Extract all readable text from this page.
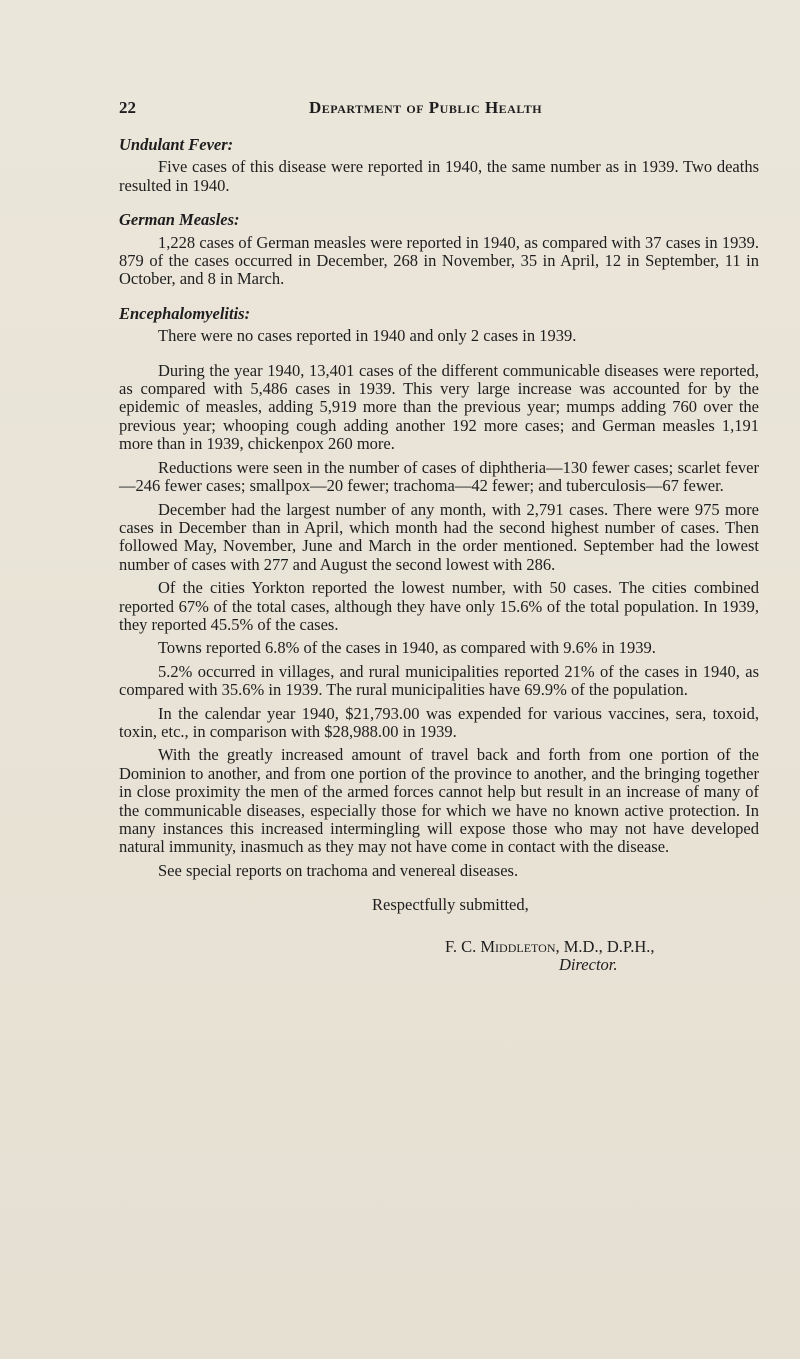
22	Department of Public Health
Undulant Fever:

Five cases of this disease were reported in 1940, the same number as in 1939. Two deaths resulted in 1940.

German Measles:

1,228 cases of German measles were reported in 1940, as compared with 37 cases in 1939. 879 of the cases occurred in December, 268 in November, 35 in April, 12 in September, 11 in October, and 8 in March.

Encephalomyelitis:

There were no cases reported in 1940 and only 2 cases in 1939.

During the year 1940, 13,401 cases of the different communicable diseases were reported, as compared with 5,486 cases in 1939. This very large increase was accounted for by the epidemic of measles, adding 5,919 more than the previous year; mumps adding 760 over the previous year; whooping cough adding another 192 more cases; and German measles 1,191 more than in 1939, chickenpox 260 more.

Reductions were seen in the number of cases of diphtheria—130 fewer cases; scarlet fever—246 fewer cases; smallpox—20 fewer; trachoma—42 fewer; and tuberculosis—67 fewer.

December had the largest number of any month, with 2,791 cases. There were 975 more cases in December than in April, which month had the second highest number of cases. Then followed May, November, June and March in the order mentioned. September had the lowest number of cases with 277 and August the second lowest with 286.

Of the cities Yorkton reported the lowest number, with 50 cases. The cities combined reported 67% of the total cases, although they have only 15.6% of the total population. In 1939, they reported 45.5% of the cases.

Towns reported 6.8% of the cases in 1940, as compared with 9.6% in 1939.

5.2% occurred in villages, and rural municipalities reported 21% of the cases in 1940, as compared with 35.6% in 1939. The rural municipalities have 69.9% of the population.

In the calendar year 1940, $21,793.00 was expended for various vaccines, sera, toxoid, toxin, etc., in comparison with $28,988.00 in 1939.

With the greatly increased amount of travel back and forth from one portion of the Dominion to another, and from one portion of the province to another, and the bringing together in close proximity the men of the armed forces cannot help but result in an increase of many of the communicable diseases, especially those for which we have no known active protection. In many instances this increased intermingling will expose those who may not have developed natural immunity, inasmuch as they may not have come in contact with the disease.

See special reports on trachoma and venereal diseases.

Respectfully submitted,
F. C. Middleton, M.D., D.P.H.,
Director.
